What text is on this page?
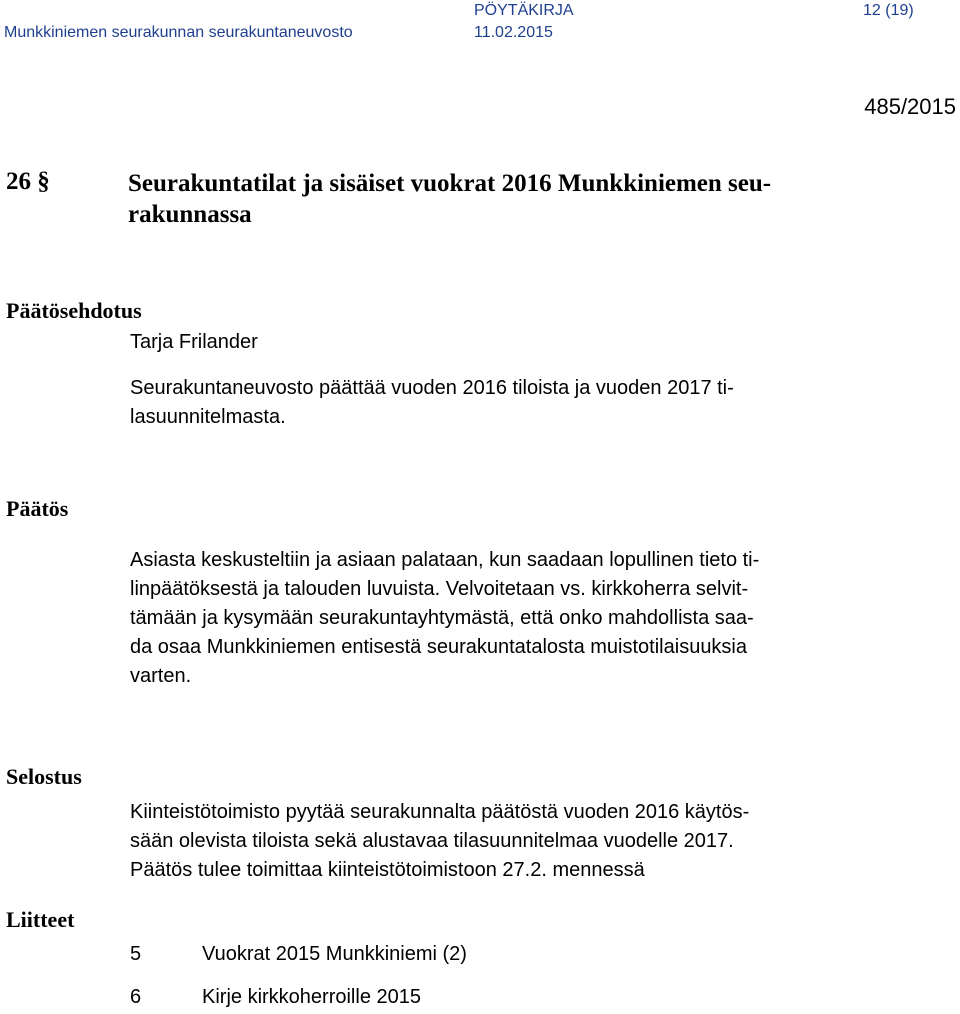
Munkkiniemen seurakunnan seurakuntaneuvosto
PÖYTÄKIRJA
11.02.2015
12 (19)
485/2015
26 §	Seurakuntatilat ja sisäiset vuokrat 2016 Munkkiniemen seu-
rakunnassa
Päätösehdotus
Tarja Frilander
Seurakuntaneuvosto päättää vuoden 2016 tiloista ja vuoden 2017 ti-
lasuunnitelmasta.
Päätös
Asiasta keskusteltiin ja asiaan palataan, kun saadaan lopullinen tieto ti-
linpäätöksestä ja talouden luvuista. Velvoitetaan vs. kirkkoherra selvit-
tämään ja kysymään seurakuntayhtymästä, että onko mahdollista saa-
da osaa Munkkiniemen entisestä seurakuntatalosta muistotilaisuuksia
varten.
Selostus
Kiinteistötoimisto pyytää seurakunnalta päätöstä vuoden 2016 käytös-
sään olevista tiloista sekä alustavaa tilasuunnitelmaa vuodelle 2017.
Päätös tulee toimittaa kiinteistötoimistoon 27.2. mennessä
Liitteet
5	Vuokrat 2015 Munkkiniemi (2)
6	Kirje kirkkoherroille 2015
